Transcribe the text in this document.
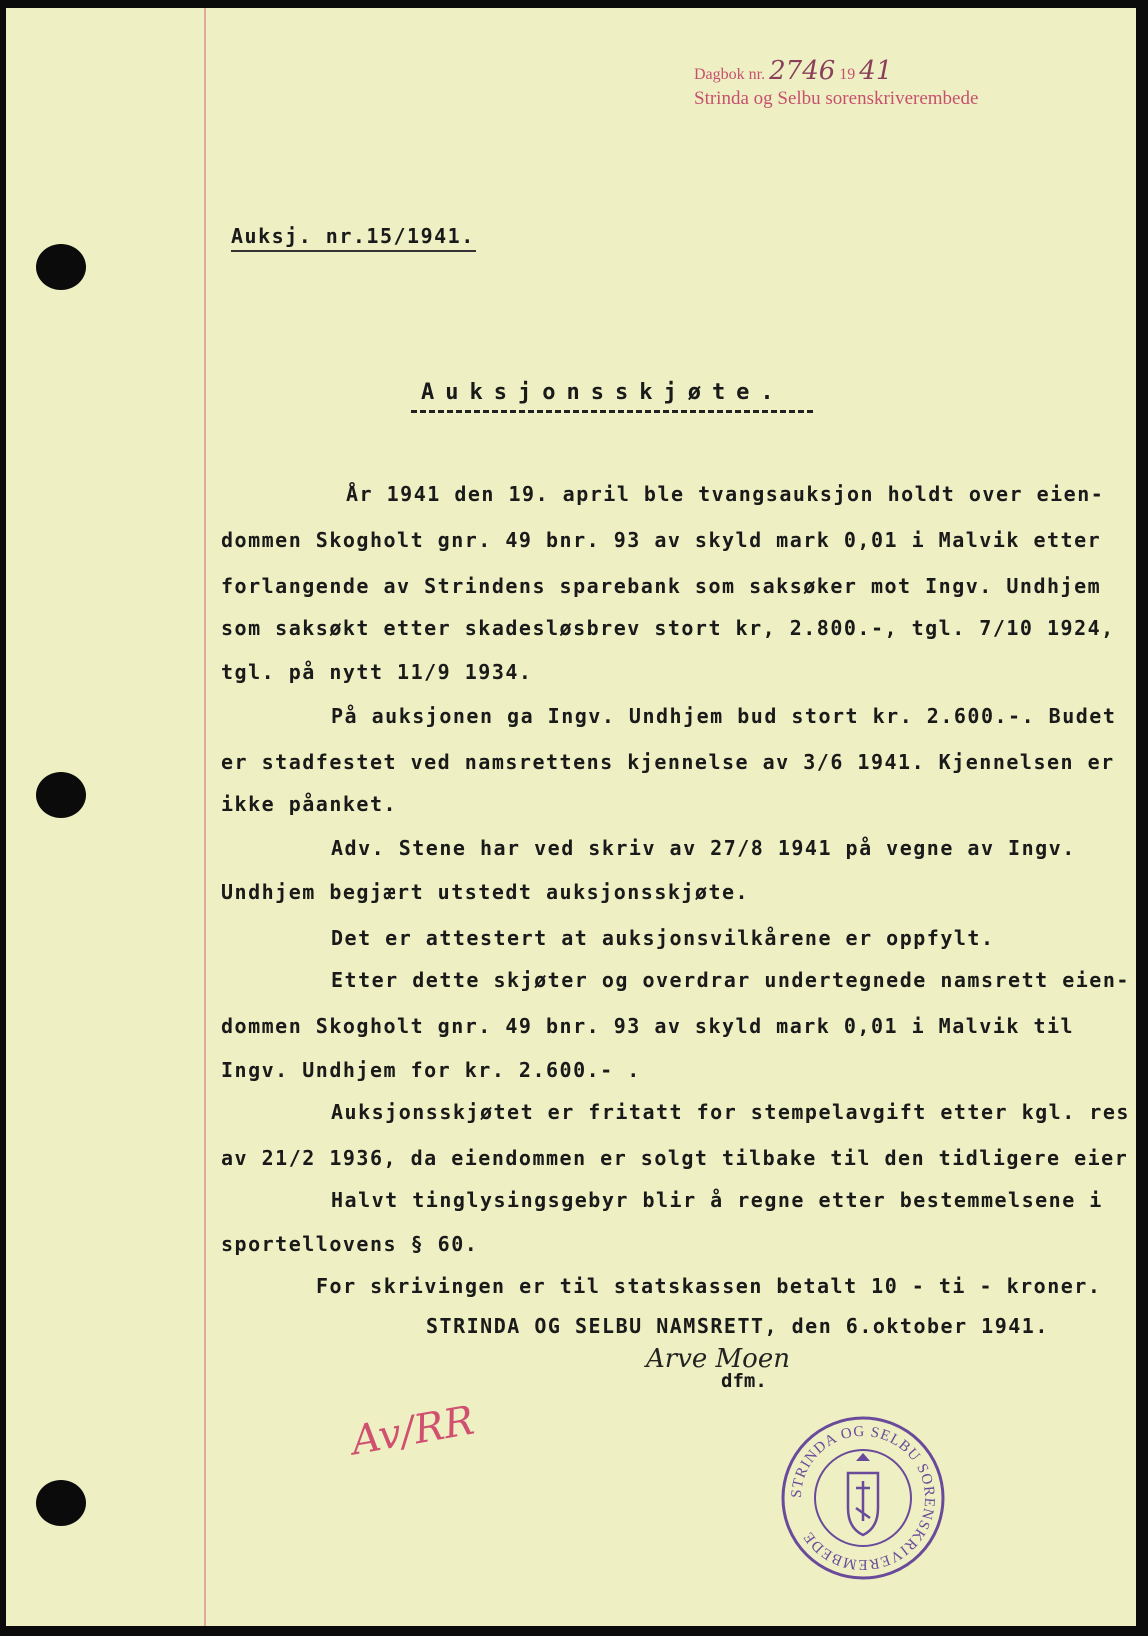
Dagbok nr. 2746 19 41
Strinda og Selbu sorenskriverembede
Auksj. nr.15/1941.
Auksjonsskjøte.
År 1941 den 19. april ble tvangsauksjon holdt over eien-
dommen Skogholt gnr. 49 bnr. 93 av skyld mark 0,01 i Malvik etter
forlangende av Strindens sparebank som saksøker mot Ingv. Undhjem
som saksøkt etter skadesløsbrev stort kr, 2.800.-, tgl. 7/10 1924,
tgl. på nytt 11/9 1934.
På auksjonen ga Ingv. Undhjem bud stort kr. 2.600.-. Budet
er stadfestet ved namsrettens kjennelse av 3/6 1941. Kjennelsen er
ikke påanket.
Adv. Stene har ved skriv av 27/8 1941 på vegne av Ingv.
Undhjem begjært utstedt auksjonsskjøte.
Det er attestert at auksjonsvilkårene er oppfylt.
Etter dette skjøter og overdrar undertegnede namsrett eien-
dommen Skogholt gnr. 49 bnr. 93 av skyld mark 0,01 i Malvik til
Ingv. Undhjem for kr. 2.600.- .
Auksjonsskjøtet er fritatt for stempelavgift etter kgl. res
av 21/2 1936, da eiendommen er solgt tilbake til den tidligere eier
Halvt tinglysingsgebyr blir å regne etter bestemmelsene i
sportellovens § 60.
For skrivingen er til statskassen betalt 10 - ti - kroner.
STRINDA OG SELBU NAMSRETT, den 6.oktober 1941.
Arve Moen
dfm.
Av/RR
STRINDA OG SELBU SORENSKRIVEREMBEDE
